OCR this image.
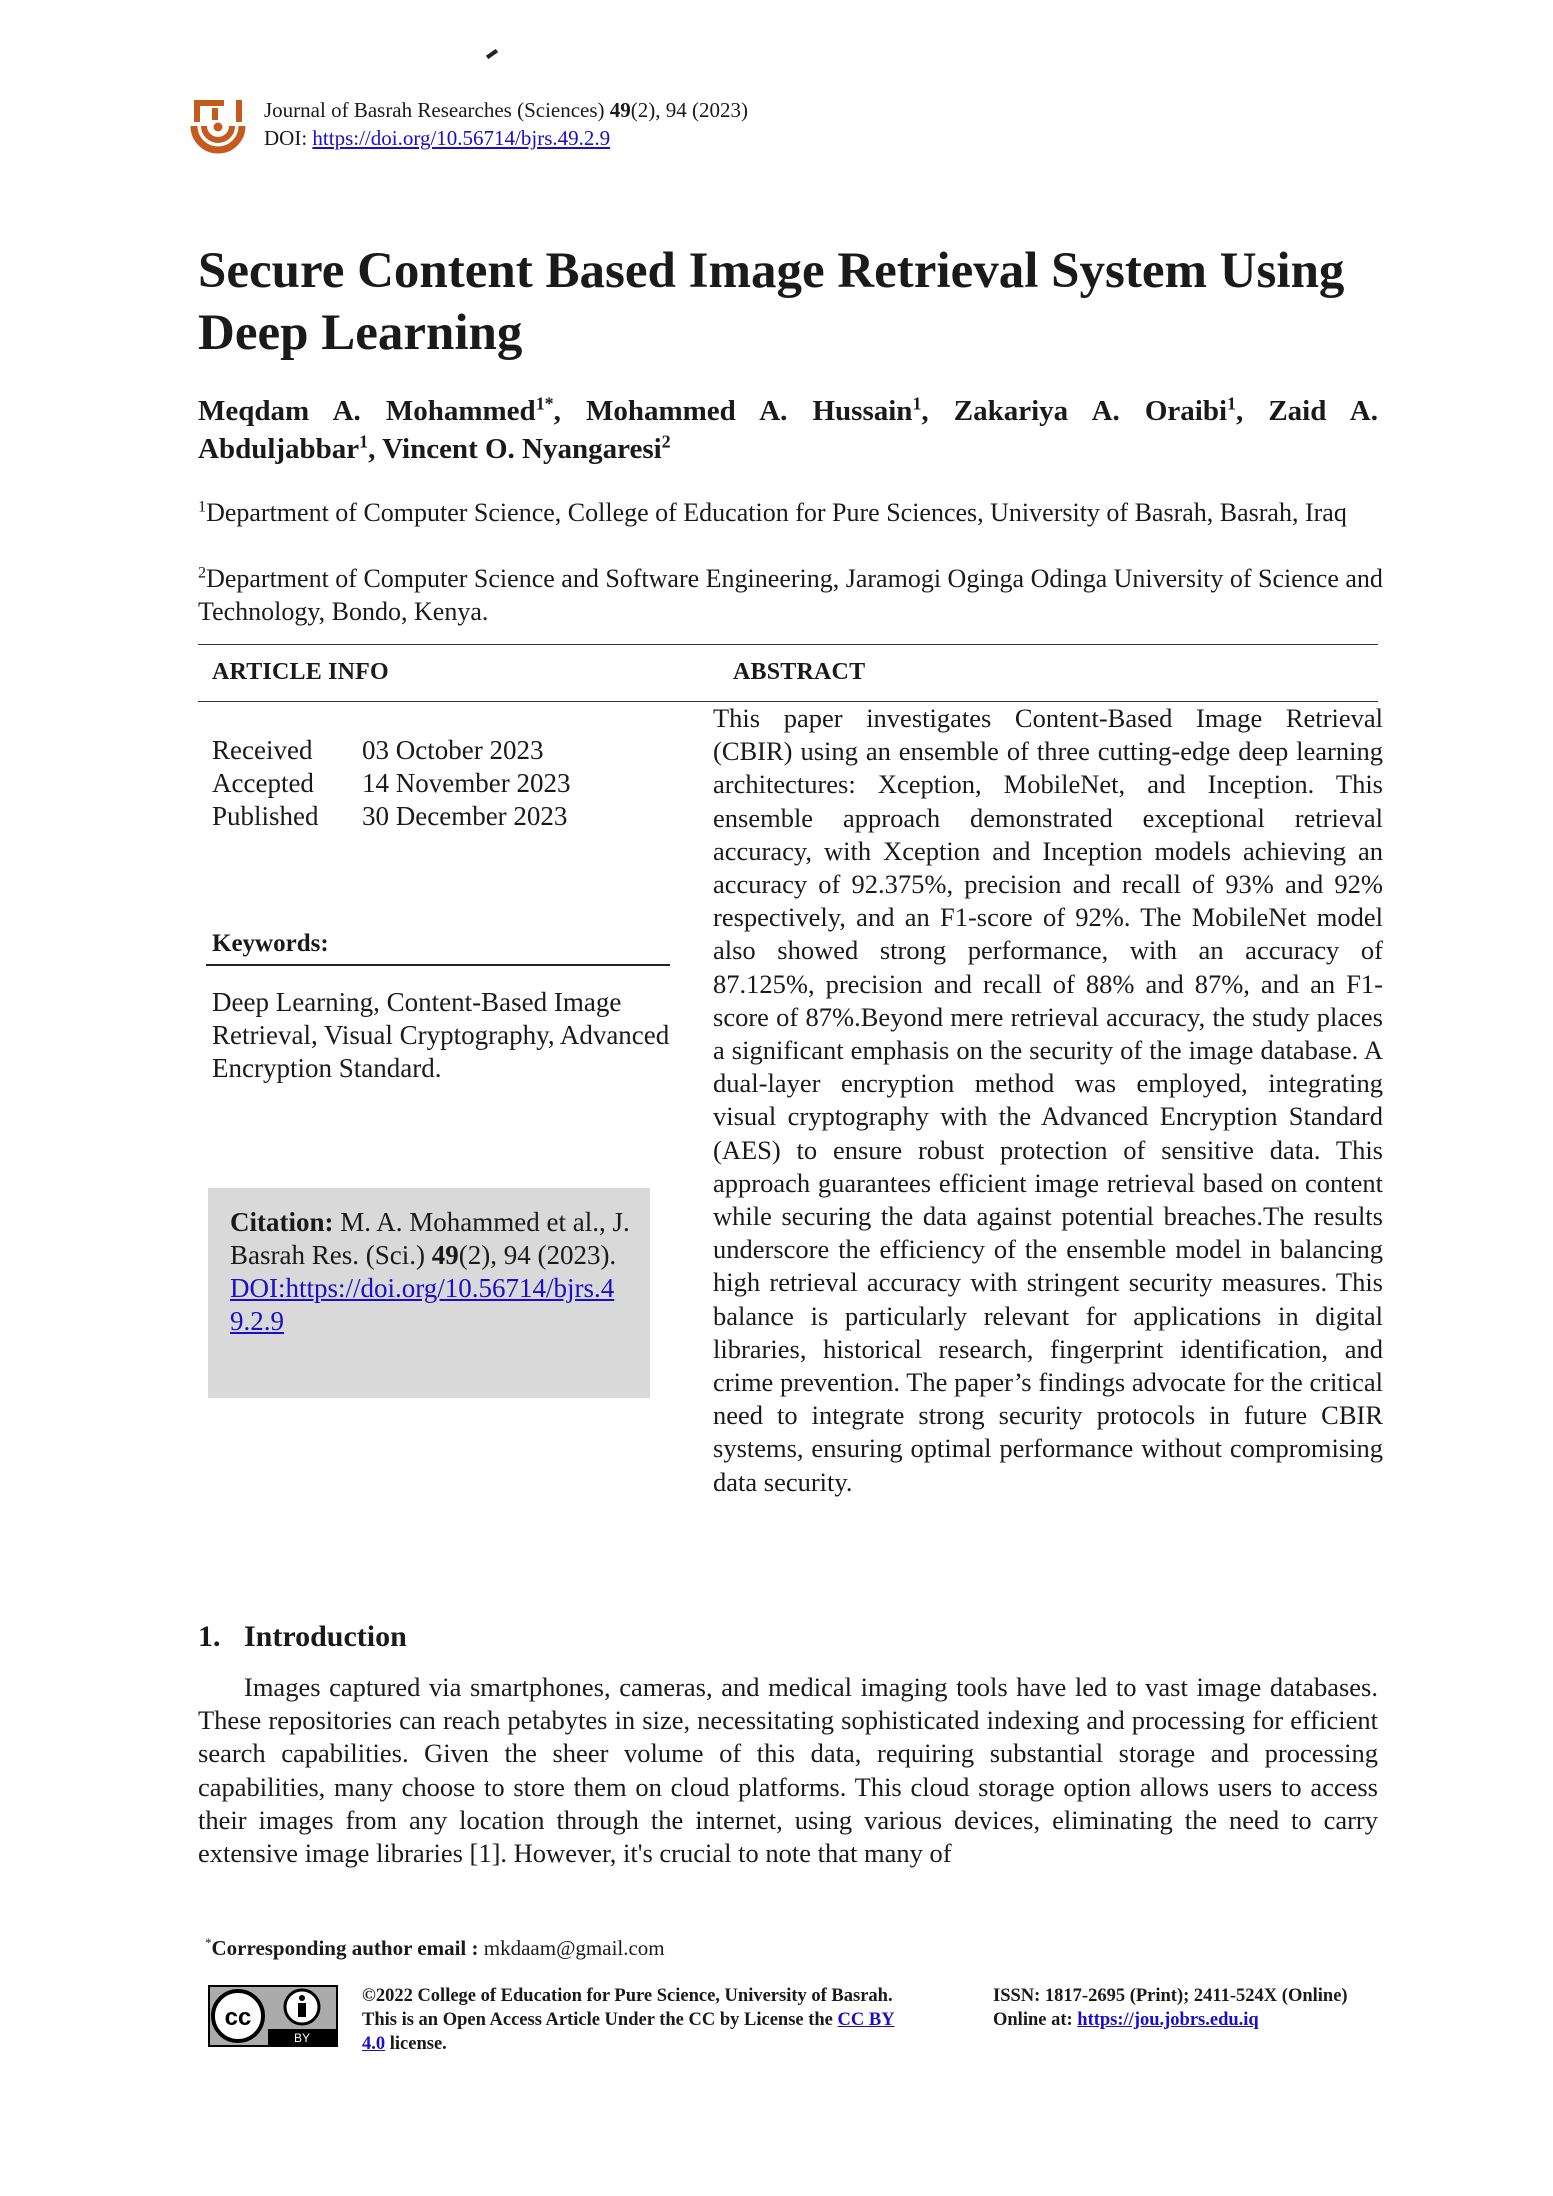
Journal of Basrah Researches (Sciences) 49(2), 94 (2023)
DOI: https://doi.org/10.56714/bjrs.49.2.9
Secure Content Based Image Retrieval System Using Deep Learning
Meqdam A. Mohammed$^{1*}$, Mohammed A. Hussain$^1$, Zakariya A. Oraibi$^1$, Zaid A.
Abduljabbar$^1$, Vincent O. Nyangaresi$^2$
$^1$Department of Computer Science, College of Education for Pure Sciences, University of Basrah, Basrah, Iraq
$^2$Department of Computer Science and Software Engineering, Jaramogi Oginga Odinga University of Science and Technology, Bondo, Kenya.
ARTICLE INFO	ABSTRACT
Received	03 October 2023
Accepted	14 November 2023
Published	30 December 2023
Keywords:
Deep Learning, Content-Based Image Retrieval, Visual Cryptography, Advanced Encryption Standard.
Citation: M. A. Mohammed et al., J. Basrah Res. (Sci.) 49(2), 94 (2023). DOI:https://doi.org/10.56714/bjrs.49.2.9

This paper investigates Content-Based Image Retrieval (CBIR) using an ensemble of three cutting-edge deep learning architectures: Xception, MobileNet, and Inception. This ensemble approach demonstrated exceptional retrieval accuracy, with Xception and Inception models achieving an accuracy of 92.375%, precision and recall of 93% and 92% respectively, and an F1-score of 92%. The MobileNet model also showed strong performance, with an accuracy of 87.125%, precision and recall of 88% and 87%, and an F1-score of 87%.Beyond mere retrieval accuracy, the study places a significant emphasis on the security of the image database. A dual-layer encryption method was employed, integrating visual cryptography with the Advanced Encryption Standard (AES) to ensure robust protection of sensitive data. This approach guarantees efficient image retrieval based on content while securing the data against potential breaches.The results underscore the efficiency of the ensemble model in balancing high retrieval accuracy with stringent security measures. This balance is particularly relevant for applications in digital libraries, historical research, fingerprint identification, and crime prevention. The paper’s findings advocate for the critical need to integrate strong security protocols in future CBIR systems, ensuring optimal performance without compromising data security.

1. Introduction

Images captured via smartphones, cameras, and medical imaging tools have led to vast image databases. These repositories can reach petabytes in size, necessitating sophisticated indexing and processing for efficient search capabilities. Given the sheer volume of this data, requiring substantial storage and processing capabilities, many choose to store them on cloud platforms. This cloud storage option allows users to access their images from any location through the internet, using various devices, eliminating the need to carry extensive image libraries [1]. However, it's crucial to note that many of

*Corresponding author email : mkdaam@gmail.com
cc
BY
©2022 College of Education for Pure Science, University of Basrah. This is an Open Access Article Under the CC by License the CC BY 4.0 license.
ISSN: 1817-2695 (Print); 2411-524X (Online)
Online at: https://jou.jobrs.edu.iq
